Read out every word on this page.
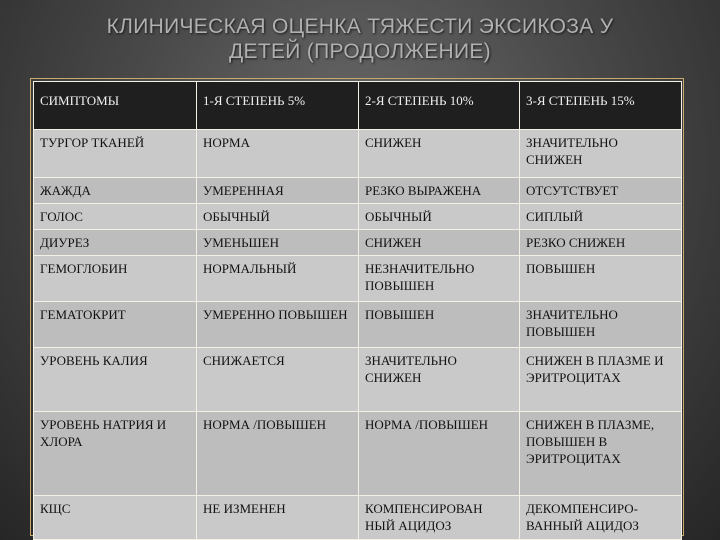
КЛИНИЧЕСКАЯ ОЦЕНКА ТЯЖЕСТИ ЭКСИКОЗА У
ДЕТЕЙ (ПРОДОЛЖЕНИЕ)
СИМПТОМЫ	1-Я СТЕПЕНЬ 5%	2-Я СТЕПЕНЬ 10%	3-Я СТЕПЕНЬ 15%
ТУРГОР ТКАНЕЙ	НОРМА	СНИЖЕН	ЗНАЧИТЕЛЬНО СНИЖЕН
ЖАЖДА	УМЕРЕННАЯ	РЕЗКО ВЫРАЖЕНА	ОТСУТСТВУЕТ
ГОЛОС	ОБЫЧНЫЙ	ОБЫЧНЫЙ	СИПЛЫЙ
ДИУРЕЗ	УМЕНЬШЕН	СНИЖЕН	РЕЗКО СНИЖЕН
ГЕМОГЛОБИН	НОРМАЛЬНЫЙ	НЕЗНАЧИТЕЛЬНО ПОВЫШЕН	ПОВЫШЕН
ГЕМАТОКРИТ	УМЕРЕННО ПОВЫШЕН	ПОВЫШЕН	ЗНАЧИТЕЛЬНО ПОВЫШЕН
УРОВЕНЬ КАЛИЯ	СНИЖАЕТСЯ	ЗНАЧИТЕЛЬНО СНИЖЕН	СНИЖЕН В ПЛАЗМЕ И ЭРИТРОЦИТАХ
УРОВЕНЬ НАТРИЯ И ХЛОРА	НОРМА /ПОВЫШЕН	НОРМА /ПОВЫШЕН	СНИЖЕН В ПЛАЗМЕ, ПОВЫШЕН В ЭРИТРОЦИТАХ
КЩС	НЕ ИЗМЕНЕН	КОМПЕНСИРОВАН НЫЙ АЦИДОЗ	ДЕКОМПЕНСИРО-ВАННЫЙ АЦИДОЗ
